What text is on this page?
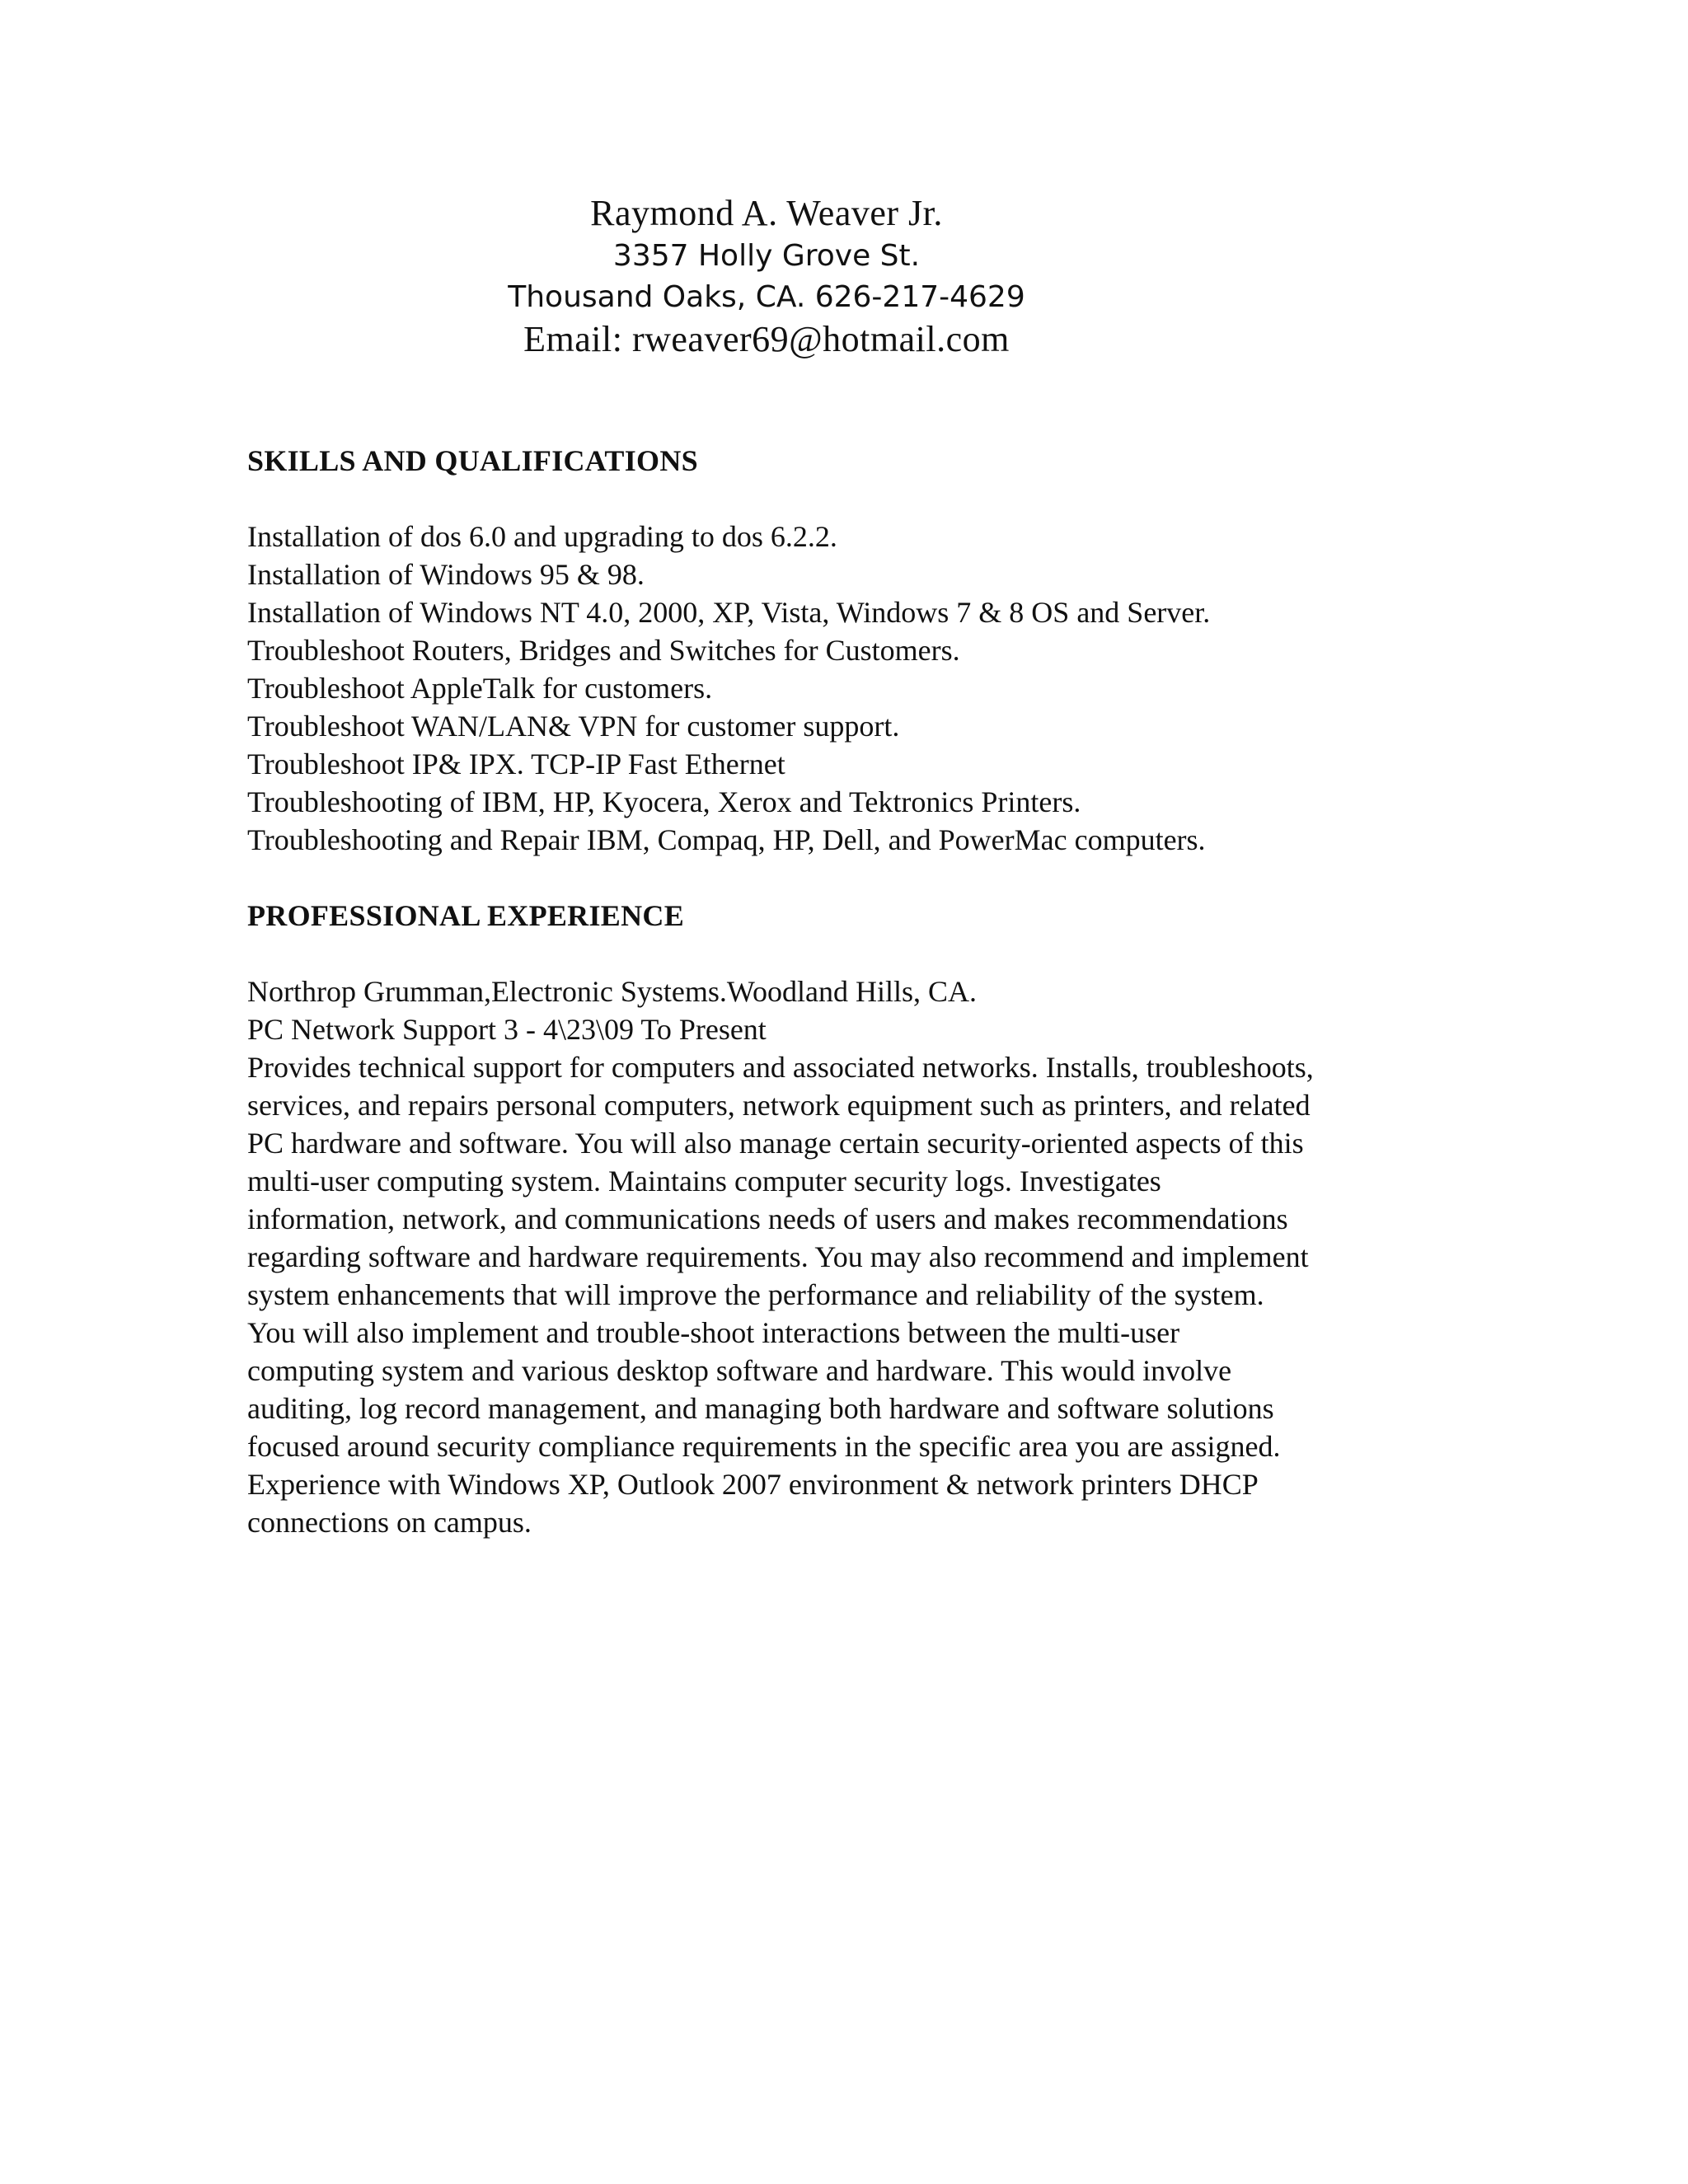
Raymond A. Weaver Jr.
3357 Holly Grove St.
Thousand Oaks, CA. 626-217-4629
Email: rweaver69@hotmail.com
SKILLS AND QUALIFICATIONS
Installation of dos 6.0 and upgrading to dos 6.2.2.
Installation of Windows 95 & 98.
Installation of Windows NT 4.0, 2000, XP, Vista, Windows 7 & 8 OS and Server.
Troubleshoot Routers, Bridges and Switches for Customers.
Troubleshoot AppleTalk for customers.
Troubleshoot WAN/LAN& VPN for customer support.
Troubleshoot IP& IPX. TCP-IP Fast Ethernet
Troubleshooting of IBM, HP, Kyocera, Xerox and Tektronics Printers.
Troubleshooting and Repair IBM, Compaq, HP, Dell, and PowerMac computers.
PROFESSIONAL EXPERIENCE
Northrop Grumman,Electronic Systems.Woodland Hills, CA.
PC Network Support 3 - 4\23\09 To Present
Provides technical support for computers and associated networks. Installs, troubleshoots,
services, and repairs personal computers, network equipment such as printers, and related
PC hardware and software. You will also manage certain security-oriented aspects of this
multi-user computing system. Maintains computer security logs. Investigates
information, network, and communications needs of users and makes recommendations
regarding software and hardware requirements. You may also recommend and implement
system enhancements that will improve the performance and reliability of the system.
You will also implement and trouble-shoot interactions between the multi-user
computing system and various desktop software and hardware. This would involve
auditing, log record management, and managing both hardware and software solutions
focused around security compliance requirements in the specific area you are assigned.
Experience with Windows XP, Outlook 2007 environment & network printers DHCP
connections on campus.
